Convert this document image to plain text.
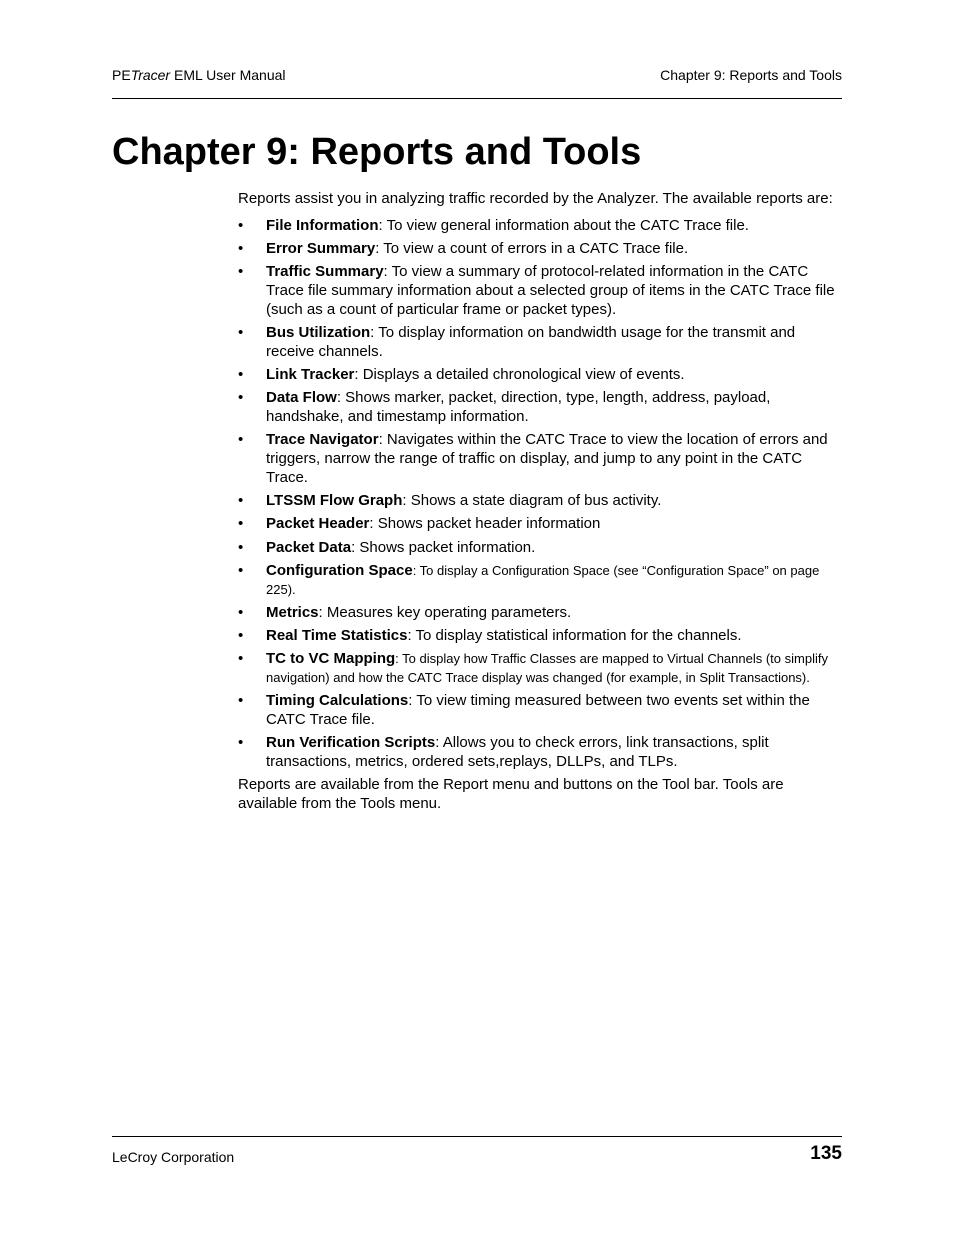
PETracer EML User Manual	Chapter 9: Reports and Tools
Chapter 9: Reports and Tools

Reports assist you in analyzing traffic recorded by the Analyzer. The available reports are:

• File Information: To view general information about the CATC Trace file.
• Error Summary: To view a count of errors in a CATC Trace file.
• Traffic Summary: To view a summary of protocol-related information in the CATC Trace file summary information about a selected group of items in the CATC Trace file (such as a count of particular frame or packet types).
• Bus Utilization: To display information on bandwidth usage for the transmit and receive channels.
• Link Tracker: Displays a detailed chronological view of events.
• Data Flow: Shows marker, packet, direction, type, length, address, payload, handshake, and timestamp information.
• Trace Navigator: Navigates within the CATC Trace to view the location of errors and triggers, narrow the range of traffic on display, and jump to any point in the CATC Trace.
• LTSSM Flow Graph: Shows a state diagram of bus activity.
• Packet Header: Shows packet header information
• Packet Data: Shows packet information.
• Configuration Space: To display a Configuration Space (see “Configuration Space” on page 225).
• Metrics: Measures key operating parameters.
• Real Time Statistics: To display statistical information for the channels.
• TC to VC Mapping: To display how Traffic Classes are mapped to Virtual Channels (to simplify navigation) and how the CATC Trace display was changed (for example, in Split Transactions).
• Timing Calculations: To view timing measured between two events set within the CATC Trace file.
• Run Verification Scripts: Allows you to check errors, link transactions, split transactions, metrics, ordered sets,replays, DLLPs, and TLPs.

Reports are available from the Report menu and buttons on the Tool bar. Tools are available from the Tools menu.

LeCroy Corporation	135
